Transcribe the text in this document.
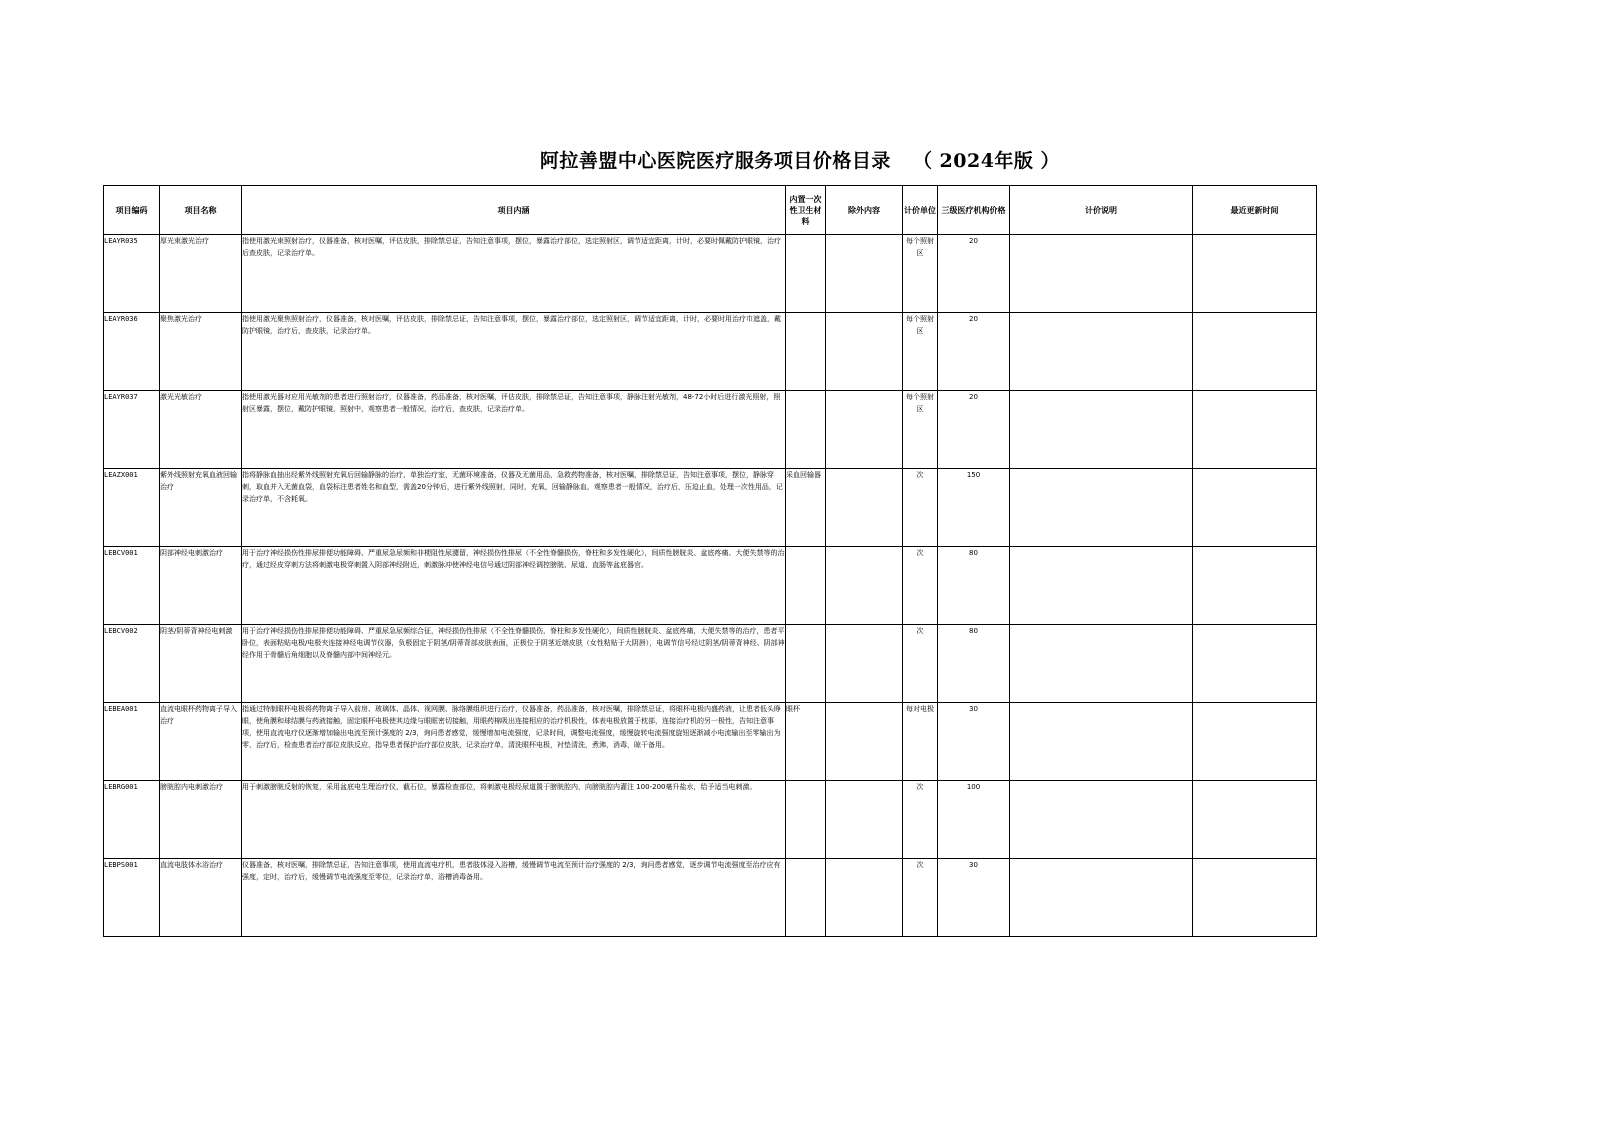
阿拉善盟中心医院医疗服务项目价格目录 （ 2024年版 ）
项目编码	项目名称	项目内涵	内置一次性卫生材料	除外内容	计价单位	三级医疗机构价格	计价说明	最近更新时间
LEAYR035	厚光束激光治疗	指使用激光束照射治疗，仪器准备，核对医嘱，评估皮肤，排除禁忌证，告知注意事项，摆位，暴露治疗部位，选定照射区，调节适宜距离，计时，必要时佩戴防护眼镜，治疗后查皮肤，记录治疗单。			每个照射区	20		
LEAYR036	聚焦激光治疗	指使用激光聚焦照射治疗，仪器准备，核对医嘱，评估皮肤，排除禁忌证，告知注意事项，摆位，暴露治疗部位，选定照射区，调节适宜距离，计时，必要时用治疗巾遮盖，戴防护眼镜，治疗后，查皮肤，记录治疗单。			每个照射区	20		
LEAYR037	激光光敏治疗	指使用激光器对应用光敏剂的患者进行照射治疗，仪器准备，药品准备，核对医嘱，评估皮肤，排除禁忌证，告知注意事项，静脉注射光敏剂，48-72小时后进行激光照射，照射区暴露，摆位，戴防护眼镜，照射中，观察患者一般情况，治疗后，查皮肤，记录治疗单。			每个照射区	20		
LEAZX001	紫外线照射充氧血液回输治疗	指将静脉血抽出经紫外线照射充氧后回输静脉的治疗，单独治疗室，无菌环境准备，仪器及无菌用品，急救药物准备，核对医嘱，排除禁忌证，告知注意事项，摆位，静脉穿刺，取血并入无菌血袋，血袋标注患者姓名和血型，需盖20分钟后，进行紫外线照射，同时，充氧，回输静脉血，观察患者一般情况，治疗后，压迫止血，处理一次性用品，记录治疗单，不含耗氧。	采血回输器		次	150		
LEBCV001	阴部神经电刺激治疗	用于治疗神经损伤性排尿排便功能障碍、严重尿急尿频和非梗阻性尿潴留，神经损伤性排尿（不全性脊髓损伤，脊柱和多发性硬化），间质性膀胱炎、盆底疼痛、大便失禁等的治疗，通过经皮穿刺方法将刺激电极穿刺置入阴部神经附近，刺激脉冲使神经电信号通过阴部神经调控膀胱、尿道、直肠等盆底器官。			次	80		
LEBCV002	阴茎/阴蒂背神经电刺激	用于治疗神经损伤性排尿排便功能障碍、严重尿急尿频综合征，神经损伤性排尿（不全性脊髓损伤，脊柱和多发性硬化），间质性膀胱炎、盆底疼痛，大便失禁等的治疗，患者平卧位，表面粘贴电极/电极夹连接神经电调节仪器，负极固定于阴茎/阴蒂背部皮肤表面，正极位于阴茎近端皮肤（女性粘贴于大阴唇），电调节信号经过阴茎/阴蒂背神经、阴部神经作用于骨髓后角细胞以及脊髓内部中间神经元。			次	80		
LEBEA001	直流电眼杯药物离子导入治疗	指通过特制眼杯电极将药物离子导入前房、玻璃体、晶体、视网膜、脉络膜组织进行治疗，仪器准备，药品准备，核对医嘱，排除禁忌证，将眼杯电极内盛药液，让患者低头睁眼，使角膜和球结膜与药液接触，固定眼杯电极使其边缘与眼眶密切接触，用眼药棉吸出连接相应的治疗机极性，体表电极放置于枕部，连接治疗机的另一极性，告知注意事项，使用直流电疗仪逐渐增加输出电流至预计强度的 2/3，询问患者感觉，缓慢增加电流强度，记录时间，调整电流强度，缓慢旋转电流强度旋钮逐渐减小电流输出至零输出为零，治疗后，检查患者治疗部位皮肤反应，指导患者保护治疗部位皮肤，记录治疗单，清洗眼杯电极，衬垫清洗，煮沸，消毒，晾干备用。	眼杯		每对电极	30		
LEBRG001	膀胱腔内电刺激治疗	用于刺激膀胱反射的恢复，采用盆底电生理治疗仪，截石位，暴露检查部位，将刺激电极经尿道置于膀胱腔内，向膀胱腔内灌注 100-200毫升盐水，给予适当电刺激。			次	100		
LEBPS001	直流电肢体水浴治疗	仪器准备，核对医嘱，排除禁忌证，告知注意事项，使用直流电疗机，患者肢体浸入浴槽，缓慢调节电流至预计治疗强度的 2/3，询问患者感觉，逐步调节电流强度至治疗应有强度，定时，治疗后，缓慢调节电流强度至零位，记录治疗单，浴槽消毒备用。			次	30		
